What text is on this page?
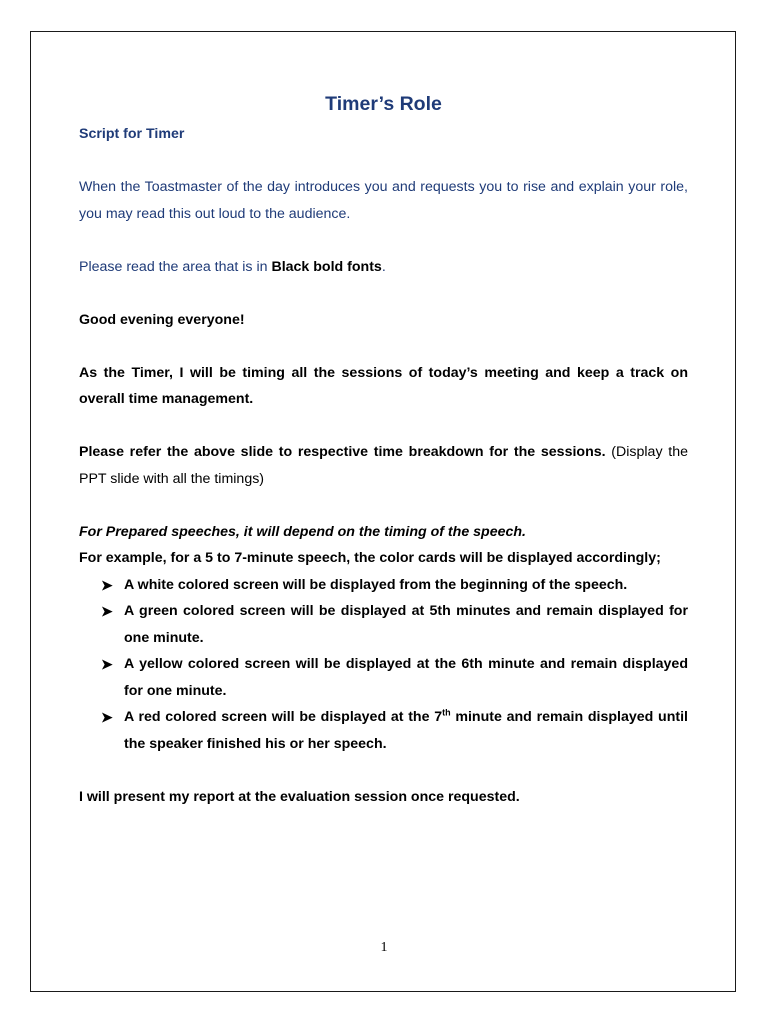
Timer’s Role

Script for Timer

When the Toastmaster of the day introduces you and requests you to rise and explain your role, you may read this out loud to the audience.

Please read the area that is in Black bold fonts.

Good evening everyone!

As the Timer, I will be timing all the sessions of today’s meeting and keep a track on overall time management.

Please refer the above slide to respective time breakdown for the sessions. (Display the PPT slide with all the timings)

For Prepared speeches, it will depend on the timing of the speech.

For example, for a 5 to 7-minute speech, the color cards will be displayed accordingly;

➤ A white colored screen will be displayed from the beginning of the speech.
➤ A green colored screen will be displayed at 5th minutes and remain displayed for one minute.
➤ A yellow colored screen will be displayed at the 6th minute and remain displayed for one minute.
➤ A red colored screen will be displayed at the 7th minute and remain displayed until the speaker finished his or her speech.

I will present my report at the evaluation session once requested.

1
